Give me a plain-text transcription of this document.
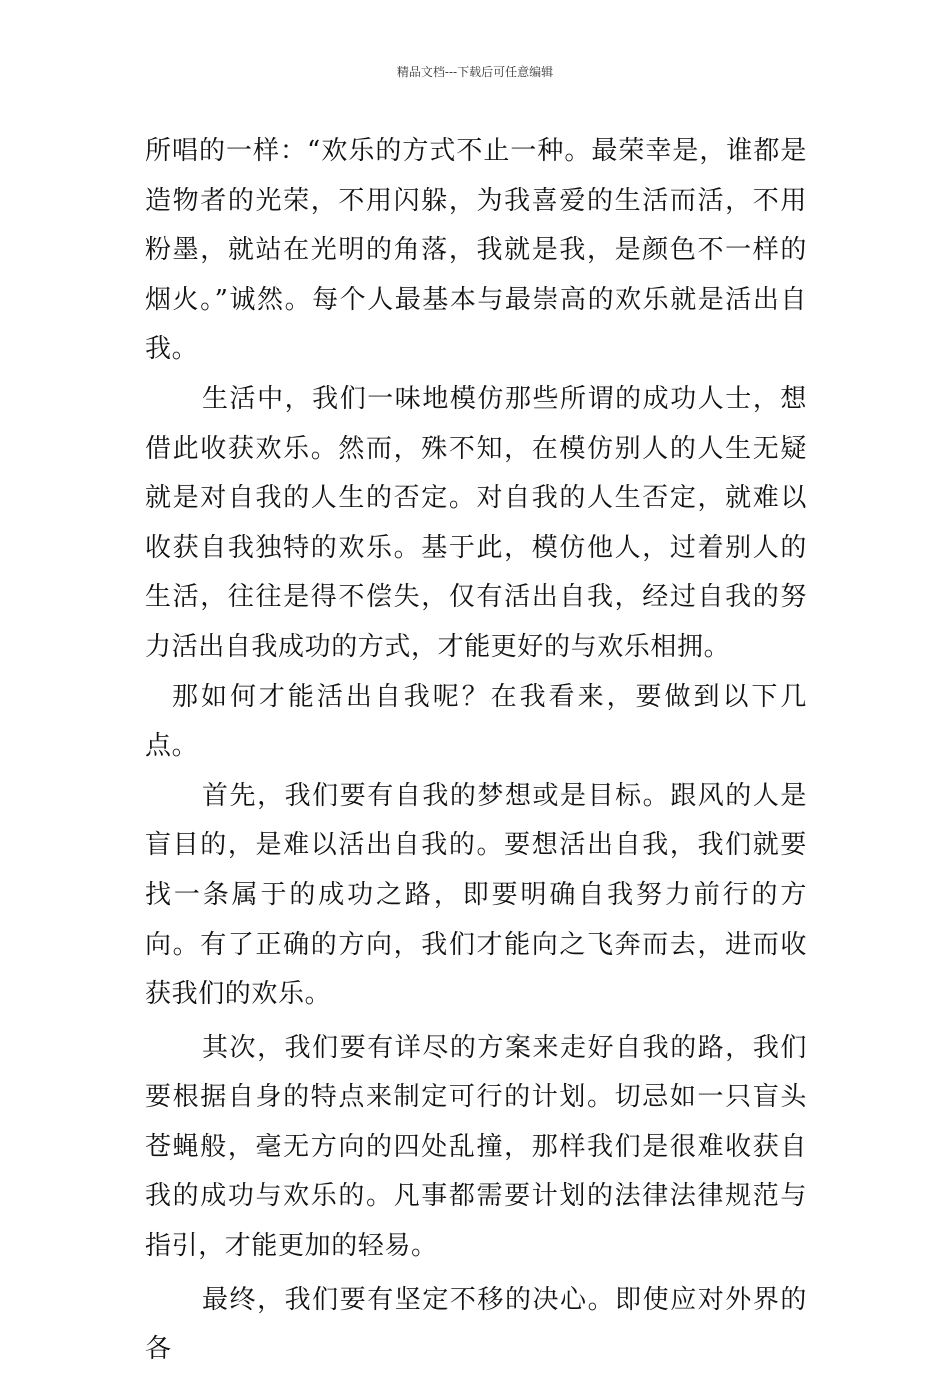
精品文档---下载后可任意编辑

所唱的一样：“欢乐的方式不止一种。最荣幸是，谁都是造物者的光荣，不用闪躲，为我喜爱的生活而活，不用粉墨，就站在光明的角落，我就是我，是颜色不一样的烟火。”诚然。每个人最基本与最崇高的欢乐就是活出自我。

生活中，我们一味地模仿那些所谓的成功人士，想借此收获欢乐。然而，殊不知，在模仿别人的人生无疑就是对自我的人生的否定。对自我的人生否定，就难以收获自我独特的欢乐。基于此，模仿他人，过着别人的生活，往往是得不偿失，仅有活出自我，经过自我的努力活出自我成功的方式，才能更好的与欢乐相拥。

那如何才能活出自我呢？在我看来，要做到以下几点。

首先，我们要有自我的梦想或是目标。跟风的人是盲目的，是难以活出自我的。要想活出自我，我们就要找一条属于的成功之路，即要明确自我努力前行的方向。有了正确的方向，我们才能向之飞奔而去，进而收获我们的欢乐。

其次，我们要有详尽的方案来走好自我的路，我们要根据自身的特点来制定可行的计划。切忌如一只盲头苍蝇般，毫无方向的四处乱撞，那样我们是很难收获自我的成功与欢乐的。凡事都需要计划的法律法律规范与指引，才能更加的轻易。

最终，我们要有坚定不移的决心。即使应对外界的各
